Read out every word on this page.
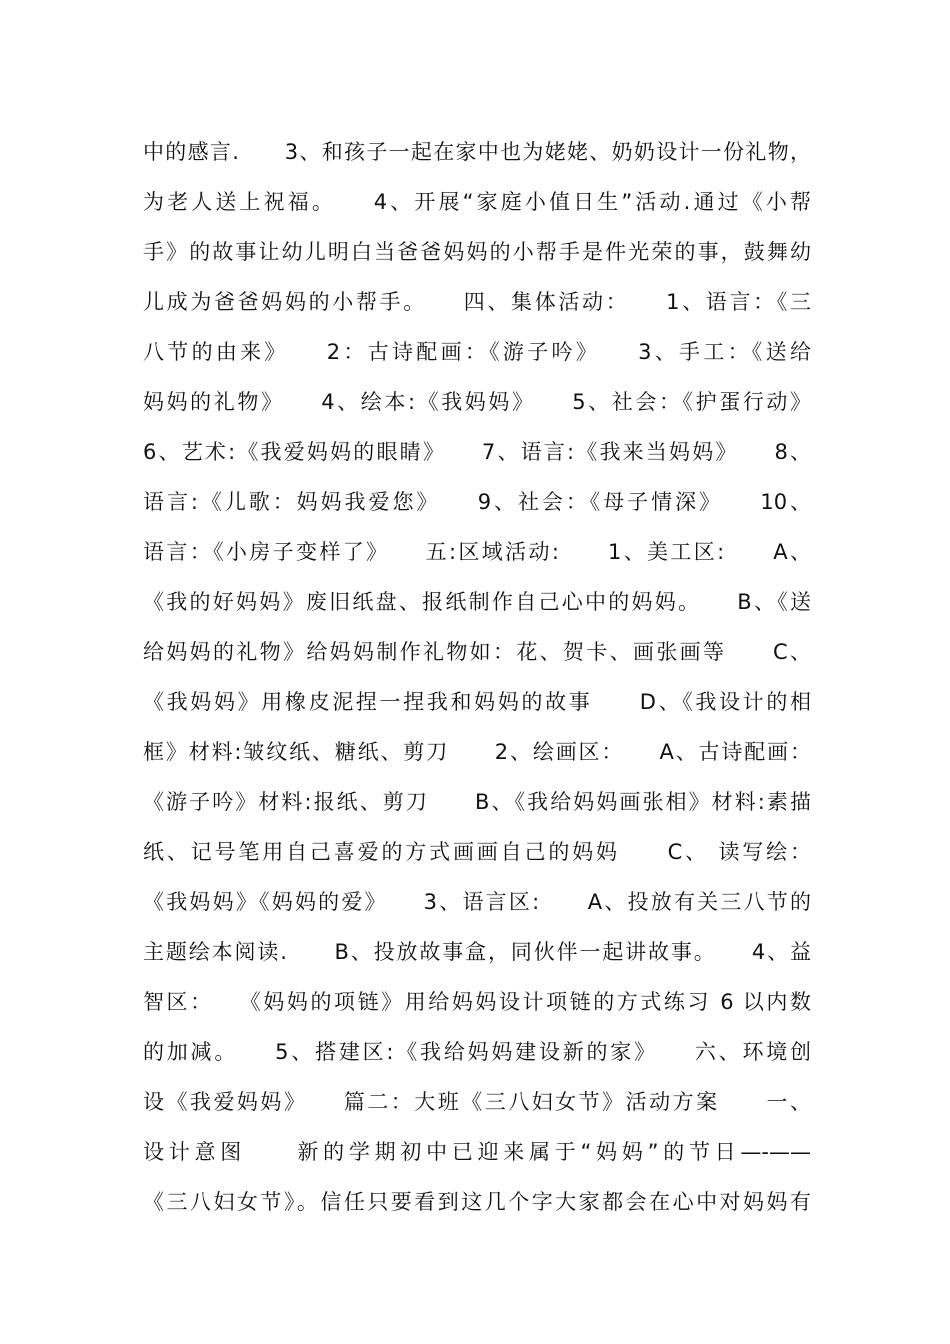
中的感言.　　3、和孩子一起在家中也为姥姥、奶奶设计一份礼物，
为老人送上祝福。　　4、开展“家庭小值日生”活动.通过《小帮
手》的故事让幼儿明白当爸爸妈妈的小帮手是件光荣的事，鼓舞幼
儿成为爸爸妈妈的小帮手。　　四、集体活动：　　1、语言：《三
八节的由来》　　2：古诗配画：《游子吟》　　3、手工：《送给
妈妈的礼物》　　4、绘本:《我妈妈》　　5、社会：《护蛋行动》
6、艺术:《我爱妈妈的眼睛》　　7、语言:《我来当妈妈》　　8、
语言:《儿歌：妈妈我爱您》　　9、社会：《母子情深》　　10、
语言：《小房子变样了》　　五:区域活动:　　1、美工区:　　A、
《我的好妈妈》废旧纸盘、报纸制作自己心中的妈妈。　　B、《送
给妈妈的礼物》给妈妈制作礼物如：花、贺卡、画张画等　　C、
《我妈妈》用橡皮泥捏一捏我和妈妈的故事　　D、《我设计的相
框》材料:皱纹纸、糖纸、剪刀　　2、绘画区：　　A、古诗配画：
《游子吟》材料:报纸、剪刀　　B、《我给妈妈画张相》材料:素描
纸、记号笔用自己喜爱的方式画画自己的妈妈　　C、 读写绘：
《我妈妈》《妈妈的爱》　　3、语言区:　　A、投放有关三八节的
主题绘本阅读.　　B、投放故事盒，同伙伴一起讲故事。　　4、益
智区：　　《妈妈的项链》用给妈妈设计项链的方式练习 6 以内数
的加减。　　5、搭建区:《我给妈妈建设新的家》　　六、环境创
设《我爱妈妈》　　篇二：大班《三八妇女节》活动方案　　一、
设计意图　　新的学期初中已迎来属于“妈妈”的节日—-——
《三八妇女节》。信任只要看到这几个字大家都会在心中对妈妈有
